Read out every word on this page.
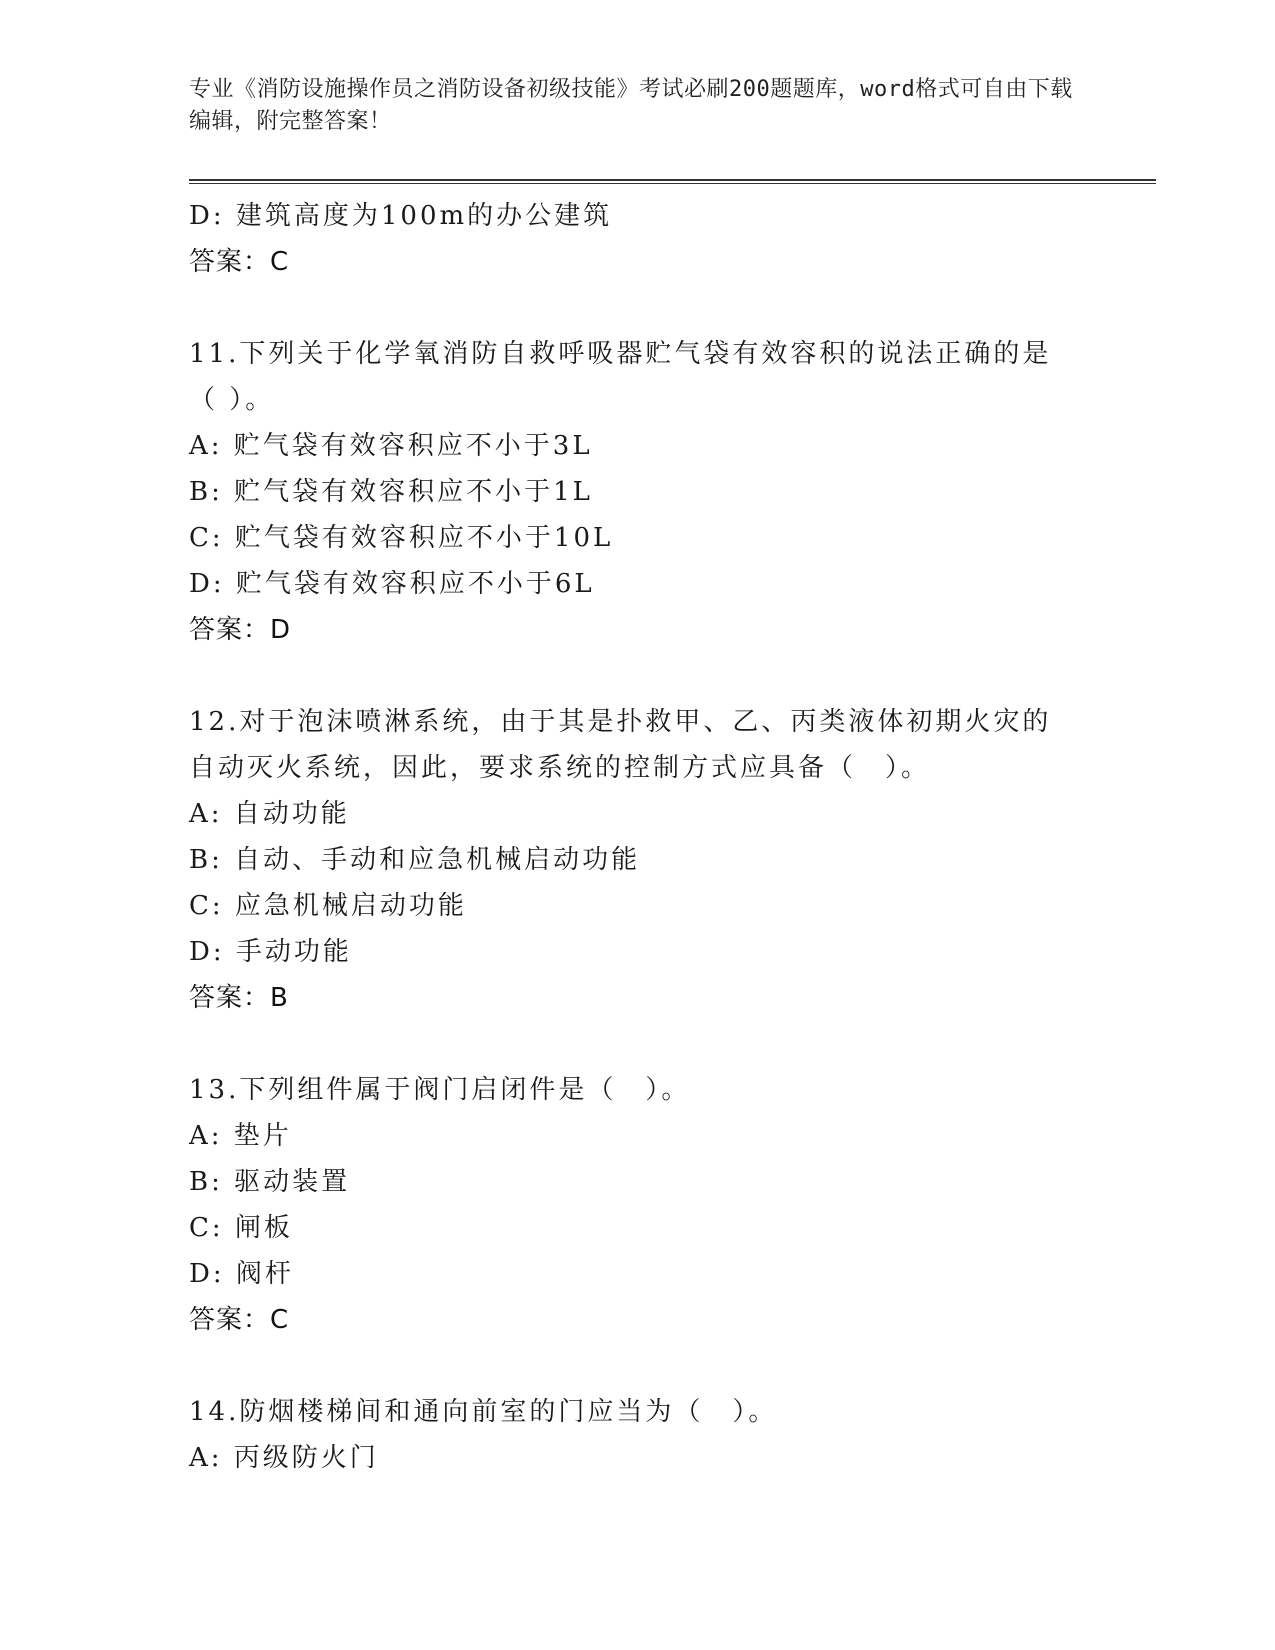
专业《消防设施操作员之消防设备初级技能》考试必刷200题题库，word格式可自由下载编辑，附完整答案！
D: 建筑高度为100m的办公建筑
答案：C
11.下列关于化学氧消防自救呼吸器贮气袋有效容积的说法正确的是（ ）。
A: 贮气袋有效容积应不小于3L
B: 贮气袋有效容积应不小于1L
C: 贮气袋有效容积应不小于10L
D: 贮气袋有效容积应不小于6L
答案：D
12.对于泡沫喷淋系统，由于其是扑救甲、乙、丙类液体初期火灾的自动灭火系统，因此，要求系统的控制方式应具备（　）。
A: 自动功能
B: 自动、手动和应急机械启动功能
C: 应急机械启动功能
D: 手动功能
答案：B
13.下列组件属于阀门启闭件是（　）。
A: 垫片
B: 驱动装置
C: 闸板
D: 阀杆
答案：C
14.防烟楼梯间和通向前室的门应当为（　）。
A: 丙级防火门
